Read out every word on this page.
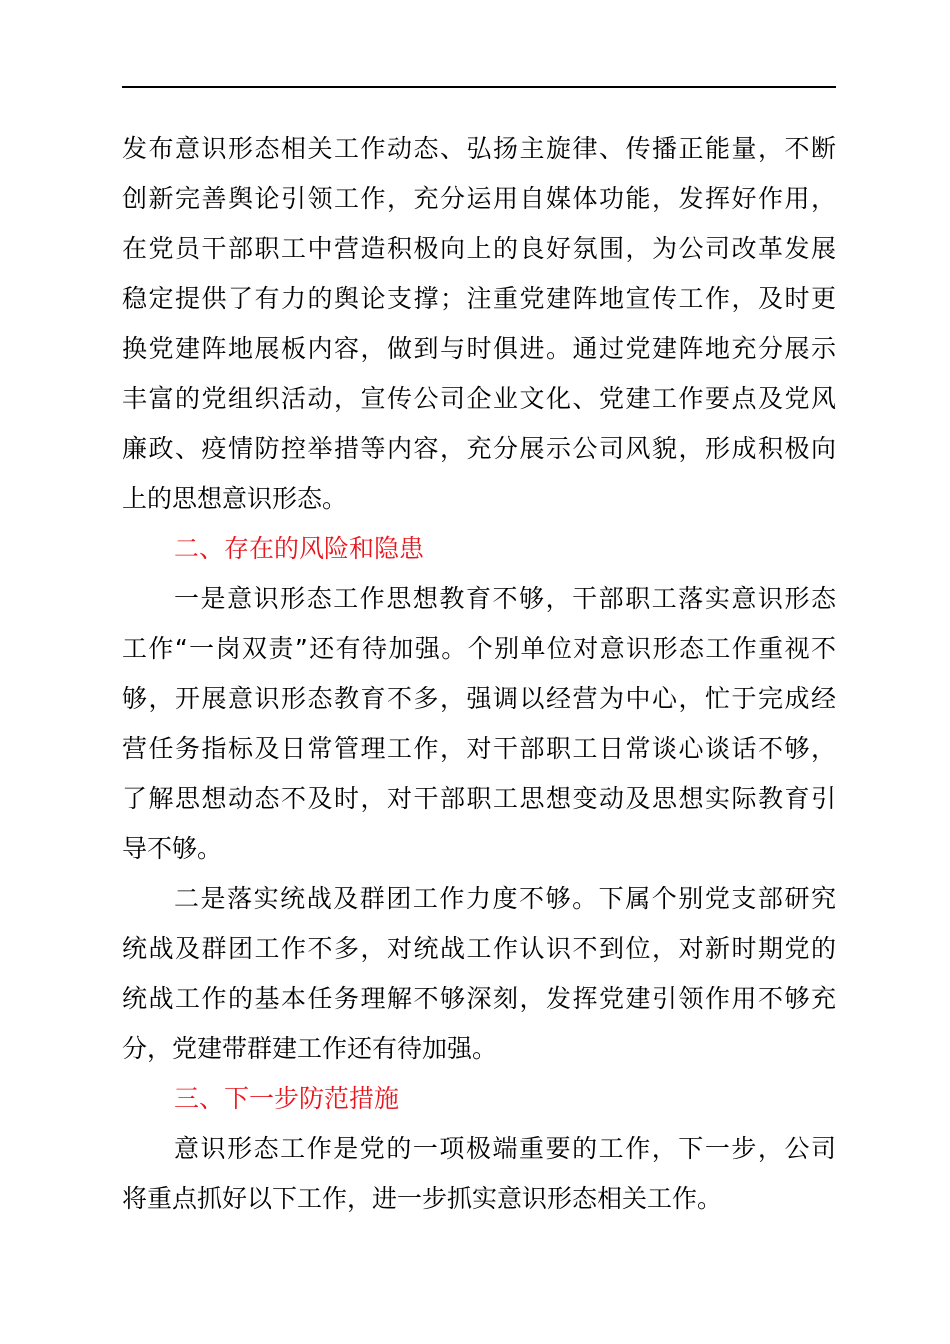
发布意识形态相关工作动态、弘扬主旋律、传播正能量，不断
创新完善舆论引领工作，充分运用自媒体功能，发挥好作用，
在党员干部职工中营造积极向上的良好氛围，为公司改革发展
稳定提供了有力的舆论支撑；注重党建阵地宣传工作，及时更
换党建阵地展板内容，做到与时俱进。通过党建阵地充分展示
丰富的党组织活动，宣传公司企业文化、党建工作要点及党风
廉政、疫情防控举措等内容，充分展示公司风貌，形成积极向
上的思想意识形态。
二、存在的风险和隐患
一是意识形态工作思想教育不够，干部职工落实意识形态
工作“一岗双责”还有待加强。个别单位对意识形态工作重视不
够，开展意识形态教育不多，强调以经营为中心，忙于完成经
营任务指标及日常管理工作，对干部职工日常谈心谈话不够，
了解思想动态不及时，对干部职工思想变动及思想实际教育引
导不够。
二是落实统战及群团工作力度不够。下属个别党支部研究
统战及群团工作不多，对统战工作认识不到位，对新时期党的
统战工作的基本任务理解不够深刻，发挥党建引领作用不够充
分，党建带群建工作还有待加强。
三、下一步防范措施
意识形态工作是党的一项极端重要的工作，下一步，公司
将重点抓好以下工作，进一步抓实意识形态相关工作。
